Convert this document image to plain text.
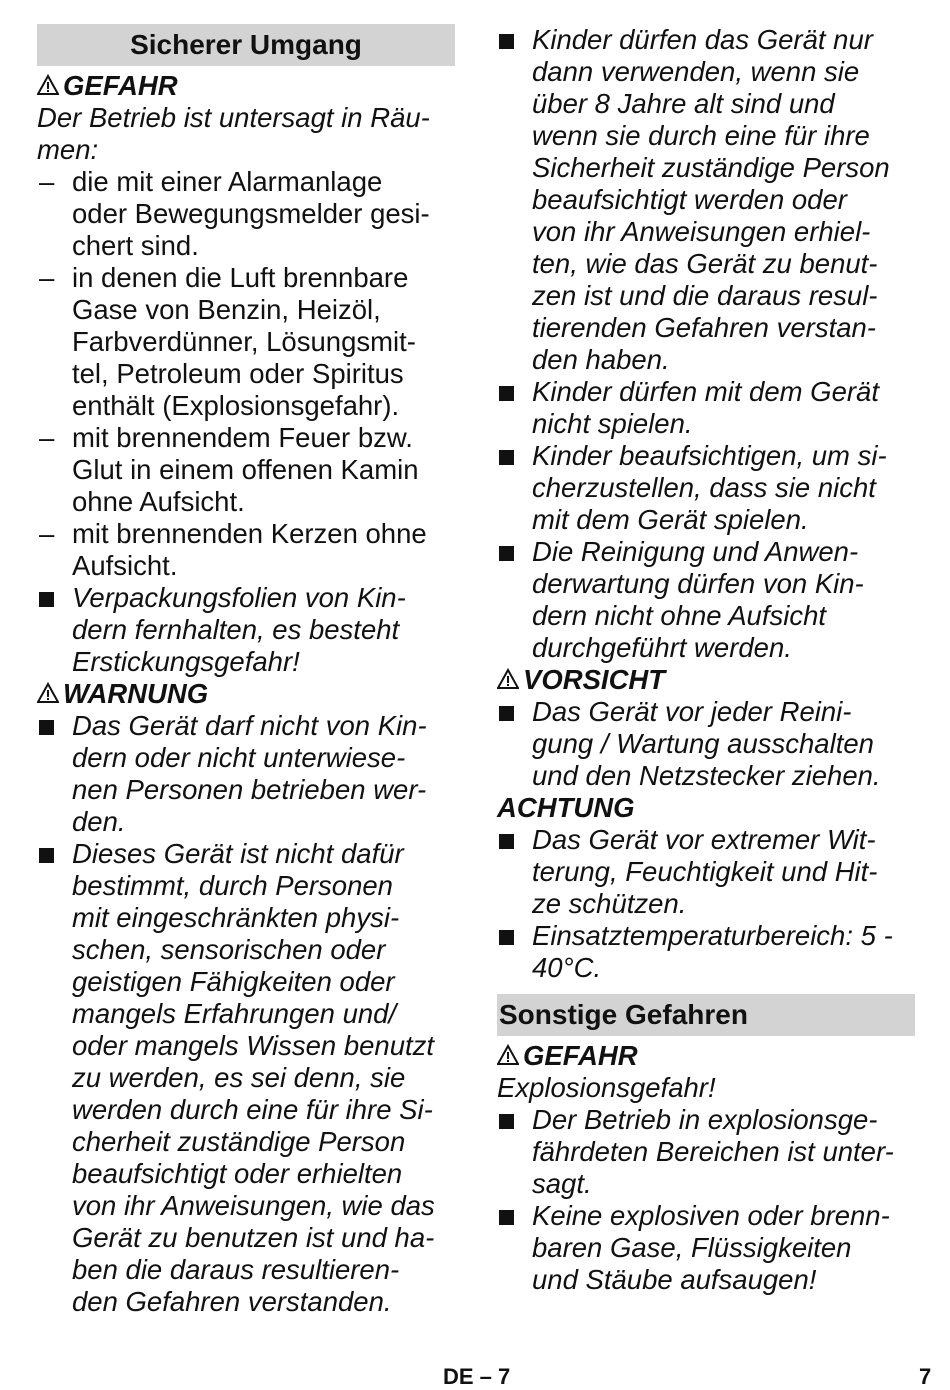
Sicherer Umgang
GEFAHR
Der Betrieb ist untersagt in Räu-
men:
die mit einer Alarmanlage
–
oder Bewegungsmelder gesi-
chert sind.
in denen die Luft brennbare
–
Gase von Benzin, Heizöl,
Farbverdünner, Lösungsmit-
tel, Petroleum oder Spiritus
enthält (Explosionsgefahr).
mit brennendem Feuer bzw.
–
Glut in einem offenen Kamin
ohne Aufsicht.
mit brennenden Kerzen ohne
–
Aufsicht.
Verpackungsfolien von Kin-
dern fernhalten, es besteht
Erstickungsgefahr!
WARNUNG
Das Gerät darf nicht von Kin-
dern oder nicht unterwiese-
nen Personen betrieben wer-
den.
Dieses Gerät ist nicht dafür
bestimmt, durch Personen
mit eingeschränkten physi-
schen, sensorischen oder
geistigen Fähigkeiten oder
mangels Erfahrungen und/
oder mangels Wissen benutzt
zu werden, es sei denn, sie
werden durch eine für ihre Si-
cherheit zuständige Person
beaufsichtigt oder erhielten
von ihr Anweisungen, wie das
Gerät zu benutzen ist und ha-
ben die daraus resultieren-
den Gefahren verstanden.
Kinder dürfen das Gerät nur
dann verwenden, wenn sie
über 8 Jahre alt sind und
wenn sie durch eine für ihre
Sicherheit zuständige Person
beaufsichtigt werden oder
von ihr Anweisungen erhiel-
ten, wie das Gerät zu benut-
zen ist und die daraus resul-
tierenden Gefahren verstan-
den haben.
Kinder dürfen mit dem Gerät
nicht spielen.
Kinder beaufsichtigen, um si-
cherzustellen, dass sie nicht
mit dem Gerät spielen.
Die Reinigung und Anwen-
derwartung dürfen von Kin-
dern nicht ohne Aufsicht
durchgeführt werden.
VORSICHT
Das Gerät vor jeder Reini-
gung / Wartung ausschalten
und den Netzstecker ziehen.
ACHTUNG
Das Gerät vor extremer Wit-
terung, Feuchtigkeit und Hit-
ze schützen.
Einsatztemperaturbereich: 5 -
40°C.
Sonstige Gefahren
GEFAHR
Explosionsgefahr!
Der Betrieb in explosionsge-
fährdeten Bereichen ist unter-
sagt.
Keine explosiven oder brenn-
baren Gase, Flüssigkeiten
und Stäube aufsaugen!
DE – 7	7
